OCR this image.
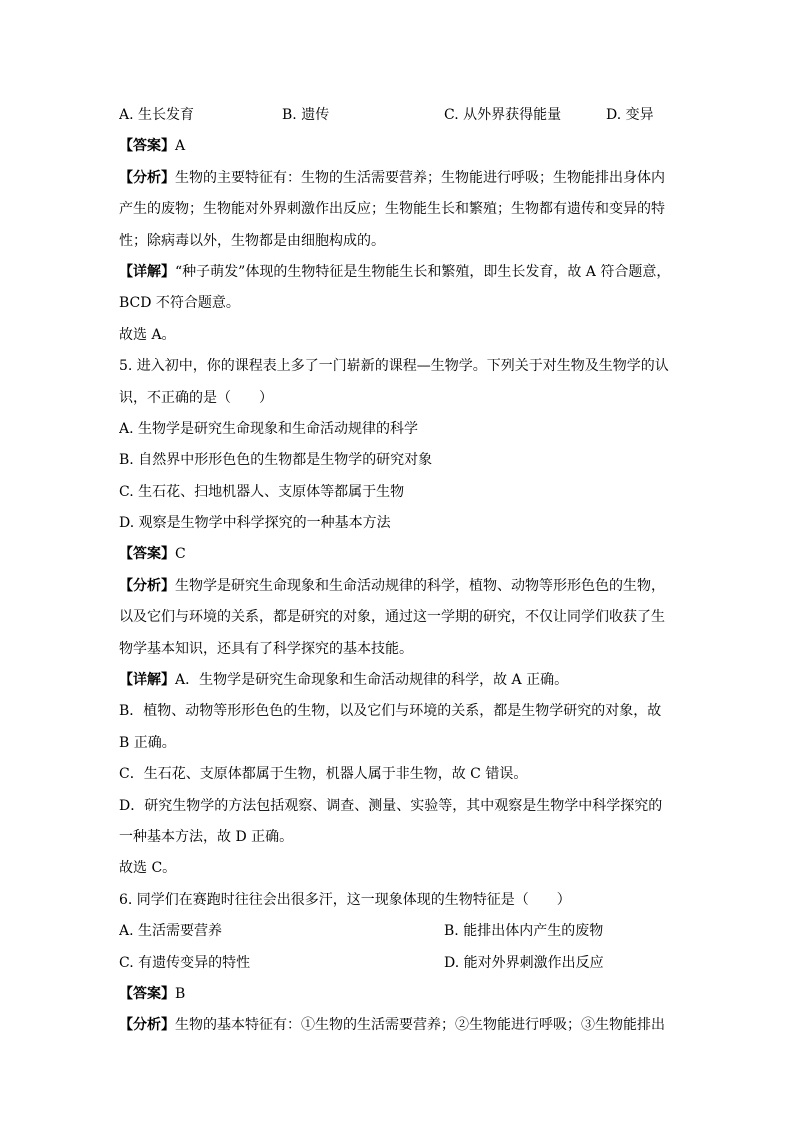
A. 生长发育	B. 遗传	C. 从外界获得能量	D. 变异
【答案】A
【分析】生物的主要特征有：生物的生活需要营养；生物能进行呼吸；生物能排出身体内
产生的废物；生物能对外界刺激作出反应；生物能生长和繁殖；生物都有遗传和变异的特
性；除病毒以外，生物都是由细胞构成的。
【详解】“种子萌发”体现的生物特征是生物能生长和繁殖，即生长发育，故 A 符合题意，
BCD 不符合题意。
故选 A。
5. 进入初中，你的课程表上多了一门崭新的课程—生物学。下列关于对生物及生物学的认
识，不正确的是（　　）
A. 生物学是研究生命现象和生命活动规律的科学
B. 自然界中形形色色的生物都是生物学的研究对象
C. 生石花、扫地机器人、支原体等都属于生物
D. 观察是生物学中科学探究的一种基本方法
【答案】C
【分析】生物学是研究生命现象和生命活动规律的科学，植物、动物等形形色色的生物，
以及它们与环境的关系，都是研究的对象，通过这一学期的研究，不仅让同学们收获了生
物学基本知识，还具有了科学探究的基本技能。
【详解】A．生物学是研究生命现象和生命活动规律的科学，故 A 正确。
B．植物、动物等形形色色的生物，以及它们与环境的关系，都是生物学研究的对象，故
B 正确。
C．生石花、支原体都属于生物，机器人属于非生物，故 C 错误。
D．研究生物学的方法包括观察、调查、测量、实验等，其中观察是生物学中科学探究的
一种基本方法，故 D 正确。
故选 C。
6. 同学们在赛跑时往往会出很多汗，这一现象体现的生物特征是（　　）
A. 生活需要营养	B. 能排出体内产生的废物
C. 有遗传变异的特性	D. 能对外界刺激作出反应
【答案】B
【分析】生物的基本特征有：①生物的生活需要营养；②生物能进行呼吸；③生物能排出
